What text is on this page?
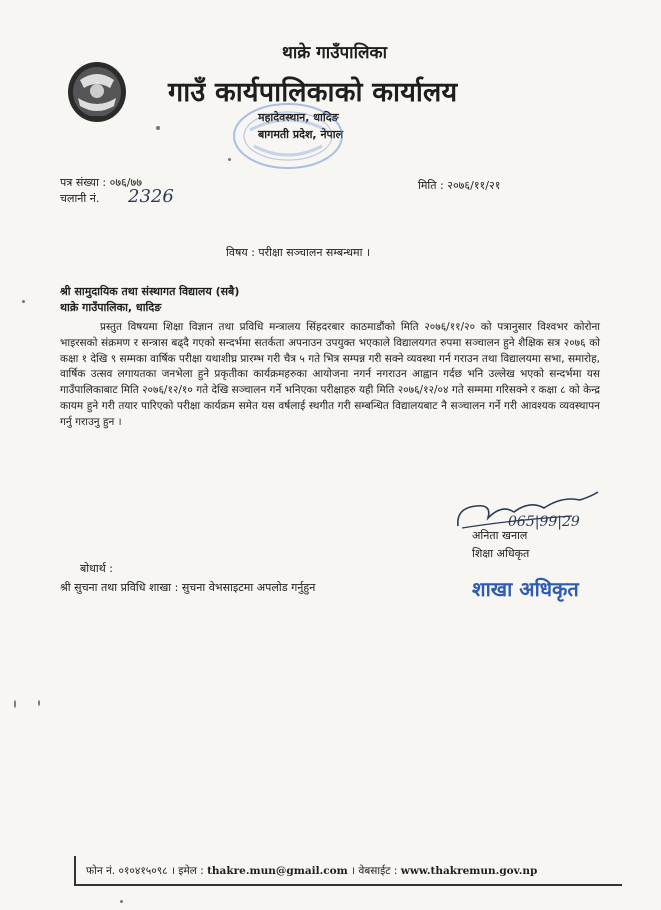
थाक्रे गाउँपालिका
गाउँ कार्यपालिकाको कार्यालय
महादेवस्थान, धादिङ
बागमती प्रदेश, नेपाल
पत्र संख्या : ०७६/७७
चलानी नं. 2326
मिति : २०७६/११/२१
विषय : परीक्षा सञ्चालन सम्बन्धमा ।
श्री सामुदायिक तथा संस्थागत विद्यालय (सबै)
थाक्रे गाउँपालिका, धादिङ
प्रस्तुत विषयमा शिक्षा विज्ञान तथा प्रविधि मन्त्रालय सिंहदरबार काठमाडौंको मिति २०७६/११/२० को पत्रानुसार विश्वभर कोरोना भाइरसको संक्रमण र सन्त्रास बढ्दै गएको सन्दर्भमा सतर्कता अपनाउन उपयुक्त भएकाले विद्यालयगत रुपमा सञ्चालन हुने शैक्षिक सत्र २०७६ को कक्षा १ देखि ९ सम्मका वार्षिक परीक्षा यथाशीघ्र प्रारम्भ गरी चैत्र ५ गते भित्र सम्पन्न गरी सक्ने व्यवस्था गर्न गराउन तथा विद्यालयमा सभा, समारोह, वार्षिक उत्सव लगायतका जनभेला हुने प्रकृतीका कार्यक्रमहरुका आयोजना नगर्न नगराउन आह्वान गर्दछ भनि उल्लेख भएको सन्दर्भमा यस गाउँपालिकाबाट मिति २०७६/१२/१० गते देखि सञ्चालन गर्ने भनिएका परीक्षाहरु यही मिति २०७६/१२/०४ गते सम्ममा गरिसक्ने र कक्षा ८ को केन्द्र कायम हुने गरी तयार पारिएको परीक्षा कार्यक्रम समेत यस वर्षलाई स्थगीत गरी सम्बन्धित विद्यालयबाट नै सञ्चालन गर्ने गरी आवश्यक व्यवस्थापन गर्नु गराउनु हुन ।
065|99|29
अनिता खनाल
शिक्षा अधिकृत
शाखा अधिकृत
बोधार्थ :
श्री सुचना तथा प्रविधि शाखा : सुचना वेभसाइटमा अपलोड गर्नुहुन
फोन नं. ०१०४१५०९८ । इमेल : thakre.mun@gmail.com । वेबसाईट : www.thakremun.gov.np
